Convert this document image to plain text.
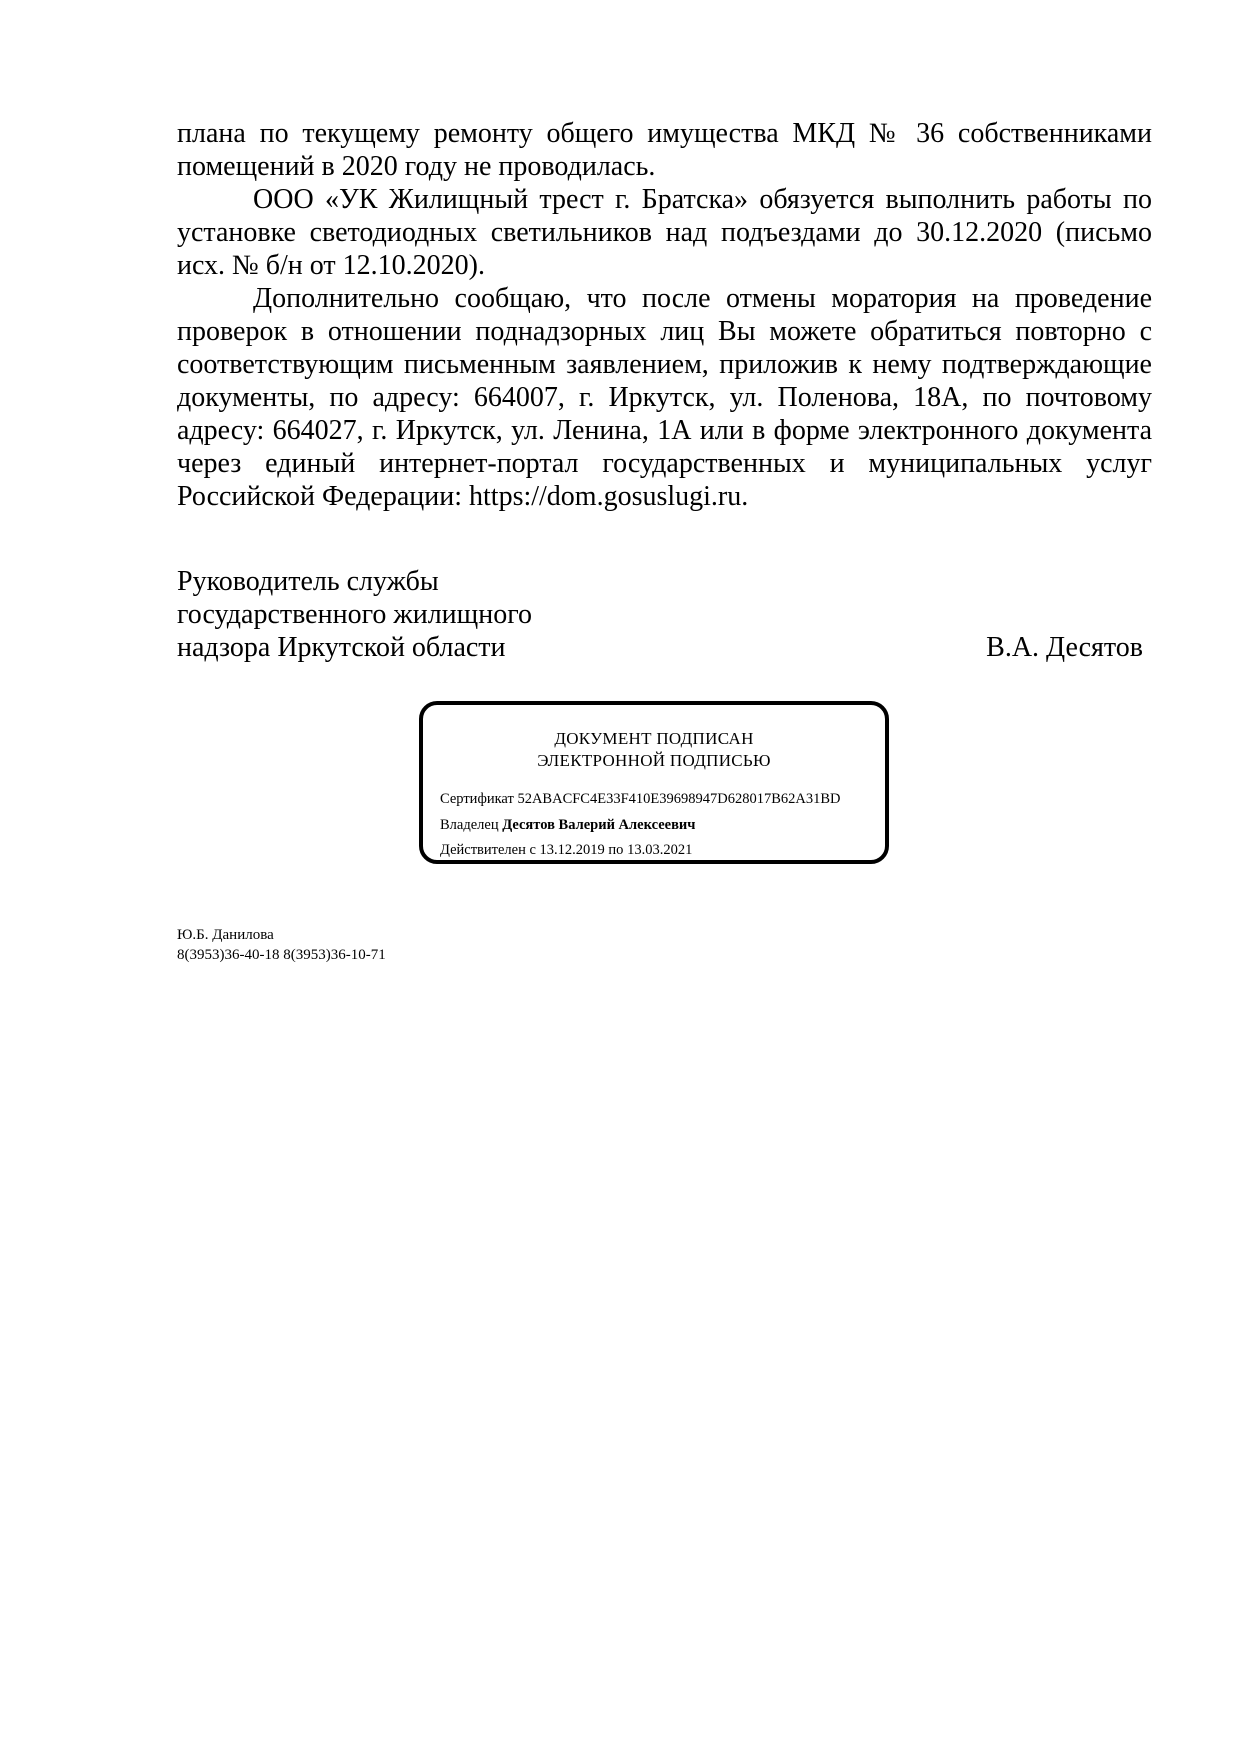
плана по текущему ремонту общего имущества МКД № 36 собственниками помещений в 2020 году не проводилась.

ООО «УК Жилищный трест г. Братска» обязуется выполнить работы по установке светодиодных светильников над подъездами до 30.12.2020 (письмо исх. № б/н от 12.10.2020).

Дополнительно сообщаю, что после отмены моратория на проведение проверок в отношении поднадзорных лиц Вы можете обратиться повторно с соответствующим письменным заявлением, приложив к нему подтверждающие документы, по адресу: 664007, г. Иркутск, ул. Поленова, 18А, по почтовому адресу: 664027, г. Иркутск, ул. Ленина, 1А или в форме электронного документа через единый интернет-портал государственных и муниципальных услуг Российской Федерации: https://dom.gosuslugi.ru.

Руководитель службы
государственного жилищного
надзора Иркутской области	В.А. Десятов
ДОКУМЕНТ ПОДПИСАН
ЭЛЕКТРОННОЙ ПОДПИСЬЮ
Сертификат 52ABACFC4E33F410E39698947D628017B62A31BD
Владелец Десятов Валерий Алексеевич
Действителен с 13.12.2019 по 13.03.2021
Ю.Б. Данилова
8(3953)36-40-18 8(3953)36-10-71
